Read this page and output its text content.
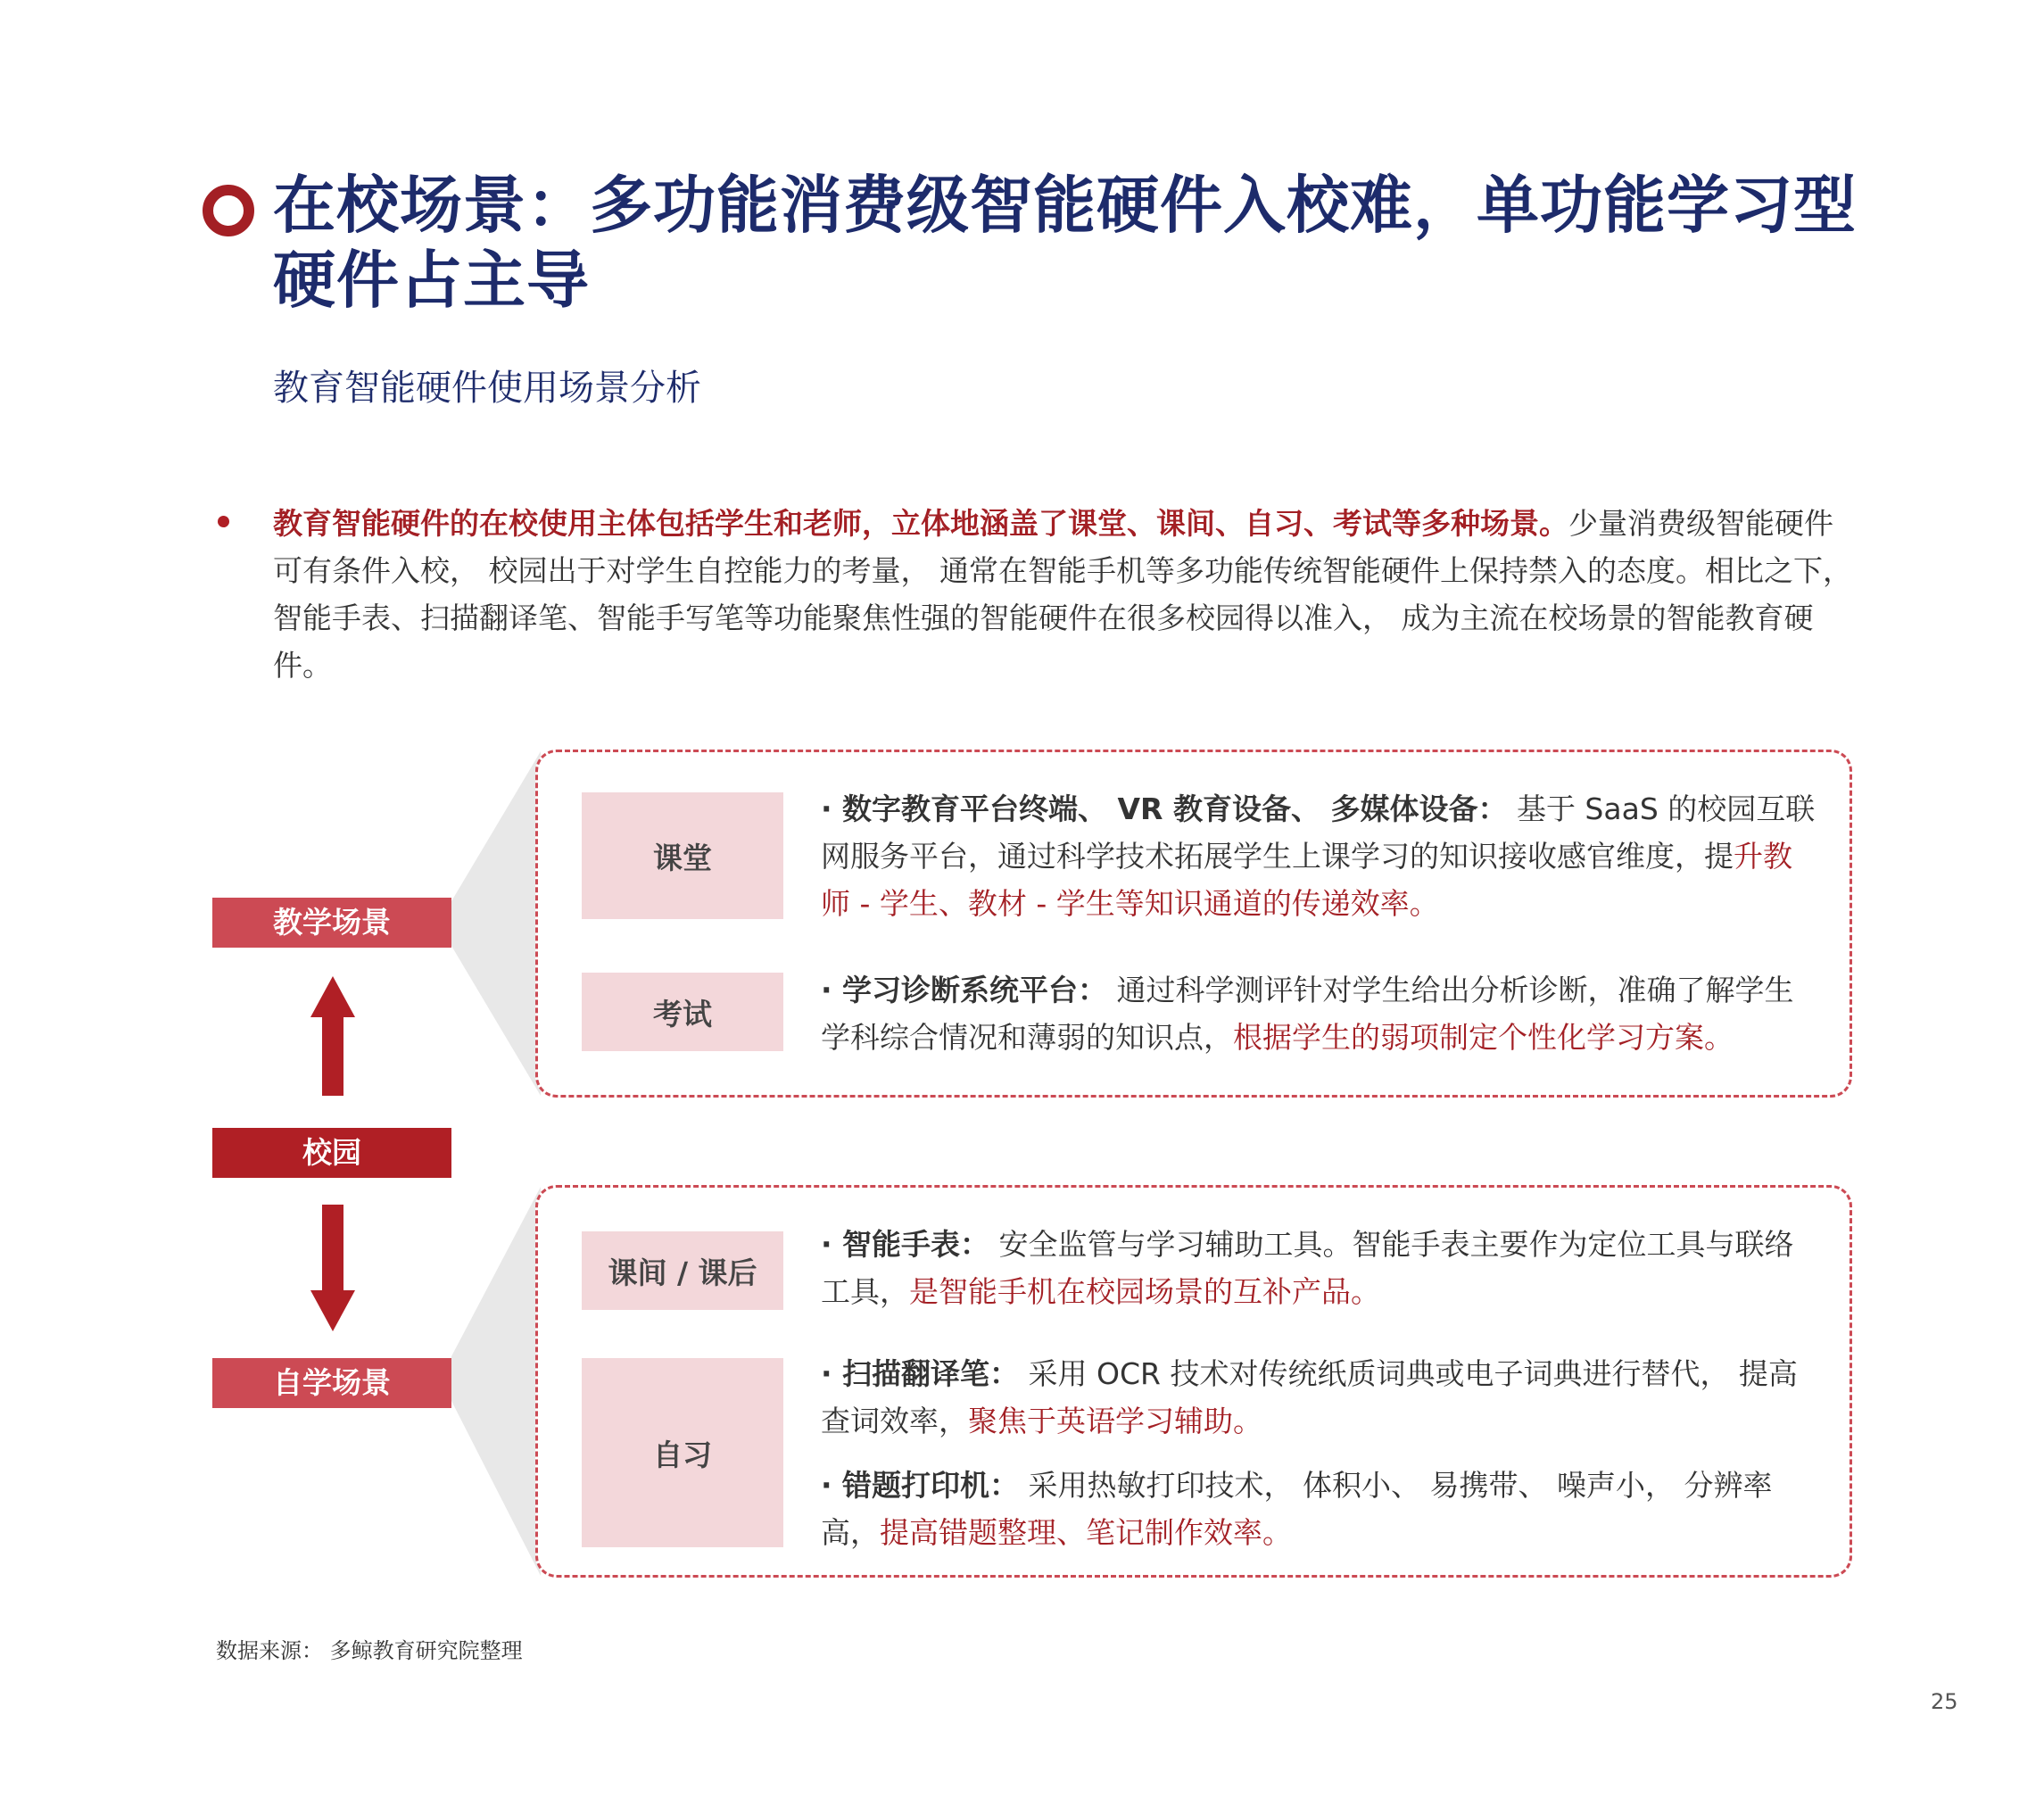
在校场景：多功能消费级智能硬件入校难，单功能学习型硬件占主导
教育智能硬件使用场景分析

教育智能硬件的在校使用主体包括学生和老师，立体地涵盖了课堂、课间、自习、考试等多种场景。少量消费级智能硬件可有条件入校， 校园出于对学生自控能力的考量， 通常在智能手机等多功能传统智能硬件上保持禁入的态度。相比之下，智能手表、扫描翻译笔、智能手写笔等功能聚焦性强的智能硬件在很多校园得以准入， 成为主流在校场景的智能教育硬件。

教学场景
校园
自学场景
课堂

· 数字教育平台终端、 VR 教育设备、 多媒体设备： 基于 SaaS 的校园互联网服务平台，通过科学技术拓展学生上课学习的知识接收感官维度，提升教师 - 学生、教材 - 学生等知识通道的传递效率。

考试

· 学习诊断系统平台： 通过科学测评针对学生给出分析诊断，准确了解学生学科综合情况和薄弱的知识点，根据学生的弱项制定个性化学习方案。

课间 / 课后

· 智能手表： 安全监管与学习辅助工具。智能手表主要作为定位工具与联络工具，是智能手机在校园场景的互补产品。

自习

· 扫描翻译笔： 采用 OCR 技术对传统纸质词典或电子词典进行替代， 提高查词效率，聚焦于英语学习辅助。

· 错题打印机： 采用热敏打印技术， 体积小、 易携带、 噪声小， 分辨率高，提高错题整理、笔记制作效率。

数据来源： 多鲸教育研究院整理
25
